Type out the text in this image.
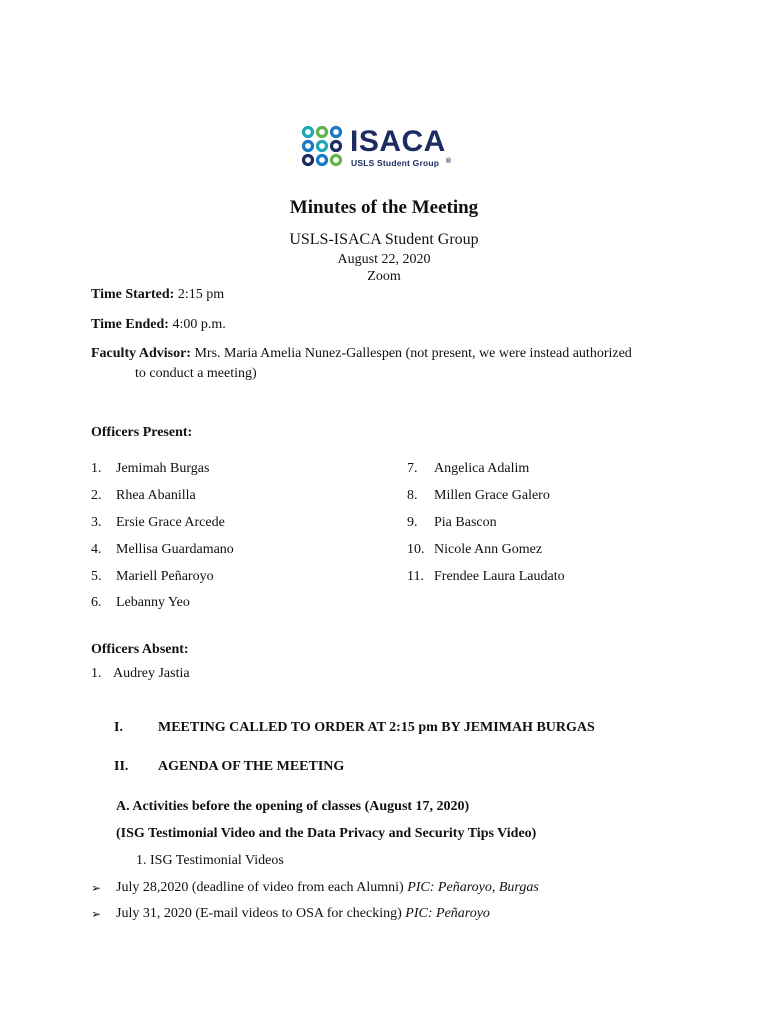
ISACA®
USLS Student Group
Minutes of the Meeting
USLS-ISACA Student Group
August 22, 2020
Zoom
Time Started: 2:15 pm
Time Ended: 4:00 p.m.
Faculty Advisor: Mrs. Maria Amelia Nunez-Gallespen (not present, we were instead authorized
to conduct a meeting)
Officers Present:
1. Jemimah Burgas
2. Rhea Abanilla
3. Ersie Grace Arcede
4. Mellisa Guardamano
5. Mariell Peñaroyo
6. Lebanny Yeo
7. Angelica Adalim
8. Millen Grace Galero
9. Pia Bascon
10. Nicole Ann Gomez
11. Frendee Laura Laudato
Officers Absent:
1. Audrey Jastia
I.	MEETING CALLED TO ORDER AT 2:15 pm BY JEMIMAH BURGAS
II. AGENDA OF THE MEETING
A. Activities before the opening of classes (August 17, 2020)
(ISG Testimonial Video and the Data Privacy and Security Tips Video)
1. ISG Testimonial Videos
➢ July 28,2020 (deadline of video from each Alumni) PIC: Peñaroyo, Burgas
➢ July 31, 2020 (E-mail videos to OSA for checking) PIC: Peñaroyo
